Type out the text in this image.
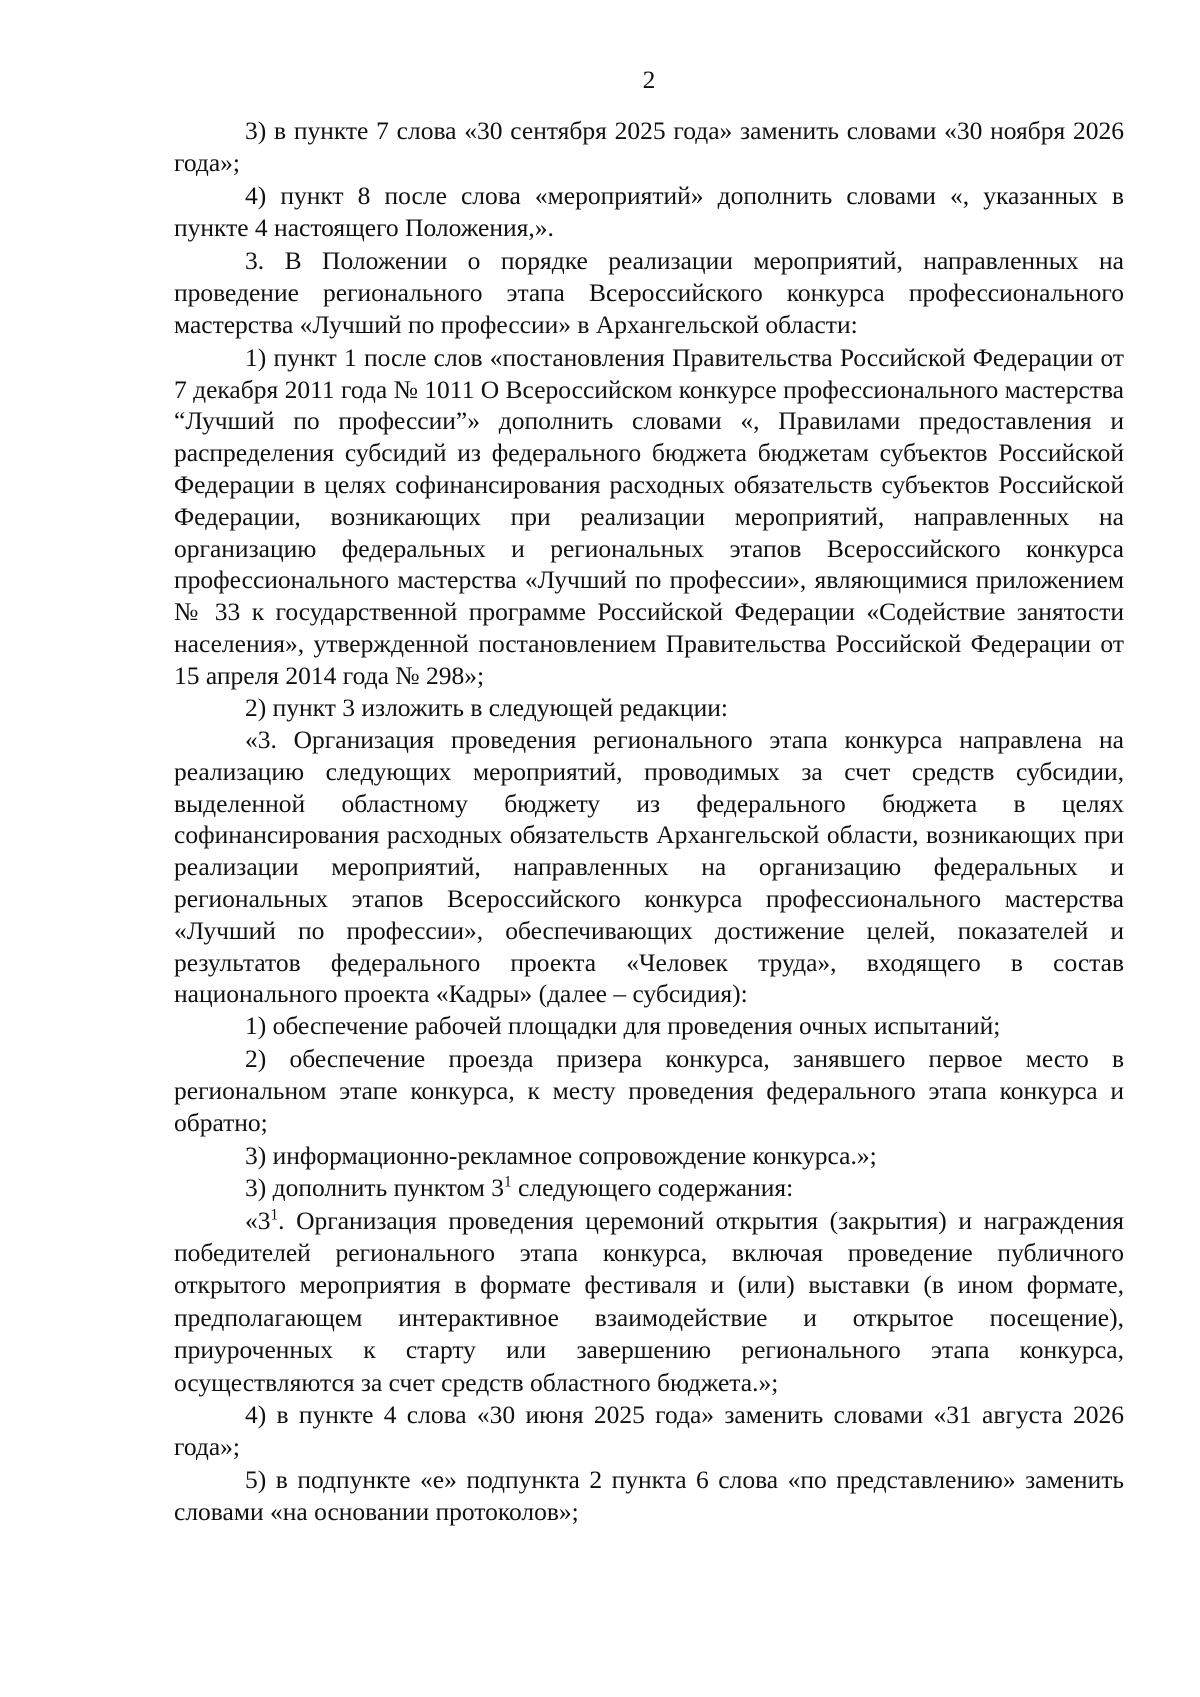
2

3) в пункте 7 слова «30 сентября 2025 года» заменить словами «30 ноября 2026 года»;

4) пункт 8 после слова «мероприятий» дополнить словами «, указанных в пункте 4 настоящего Положения,».

3. В Положении о порядке реализации мероприятий, направленных на проведение регионального этапа Всероссийского конкурса профессионального мастерства «Лучший по профессии» в Архангельской области:

1) пункт 1 после слов «постановления Правительства Российской Федерации от 7 декабря 2011 года № 1011 О Всероссийском конкурсе профессионального мастерства “Лучший по профессии”» дополнить словами «, Правилами предоставления и распределения субсидий из федерального бюджета бюджетам субъектов Российской Федерации в целях софинансирования расходных обязательств субъектов Российской Федерации, возникающих при реализации мероприятий, направленных на организацию федеральных и региональных этапов Всероссийского конкурса профессионального мастерства «Лучший по профессии», являющимися приложением № 33 к государственной программе Российской Федерации «Содействие занятости населения», утвержденной постановлением Правительства Российской Федерации от 15 апреля 2014 года № 298»;

2) пункт 3 изложить в следующей редакции:

«3. Организация проведения регионального этапа конкурса направлена на реализацию следующих мероприятий, проводимых за счет средств субсидии, выделенной областному бюджету из федерального бюджета в целях софинансирования расходных обязательств Архангельской области, возникающих при реализации мероприятий, направленных на организацию федеральных и региональных этапов Всероссийского конкурса профессионального мастерства «Лучший по профессии», обеспечивающих достижение целей, показателей и результатов федерального проекта «Человек труда», входящего в состав национального проекта «Кадры» (далее – субсидия):

1) обеспечение рабочей площадки для проведения очных испытаний;

2) обеспечение проезда призера конкурса, занявшего первое место в региональном этапе конкурса, к месту проведения федерального этапа конкурса и обратно;

3) информационно-рекламное сопровождение конкурса.»;

3) дополнить пунктом $3^1$ следующего содержания:

«$3^1$. Организация проведения церемоний открытия (закрытия) и награждения победителей регионального этапа конкурса, включая проведение публичного открытого мероприятия в формате фестиваля и (или) выставки (в ином формате, предполагающем интерактивное взаимодействие и открытое посещение), приуроченных к старту или завершению регионального этапа конкурса, осуществляются за счет средств областного бюджета.»;

4) в пункте 4 слова «30 июня 2025 года» заменить словами «31 августа 2026 года»;

5) в подпункте «е» подпункта 2 пункта 6 слова «по представлению» заменить словами «на основании протоколов»;
